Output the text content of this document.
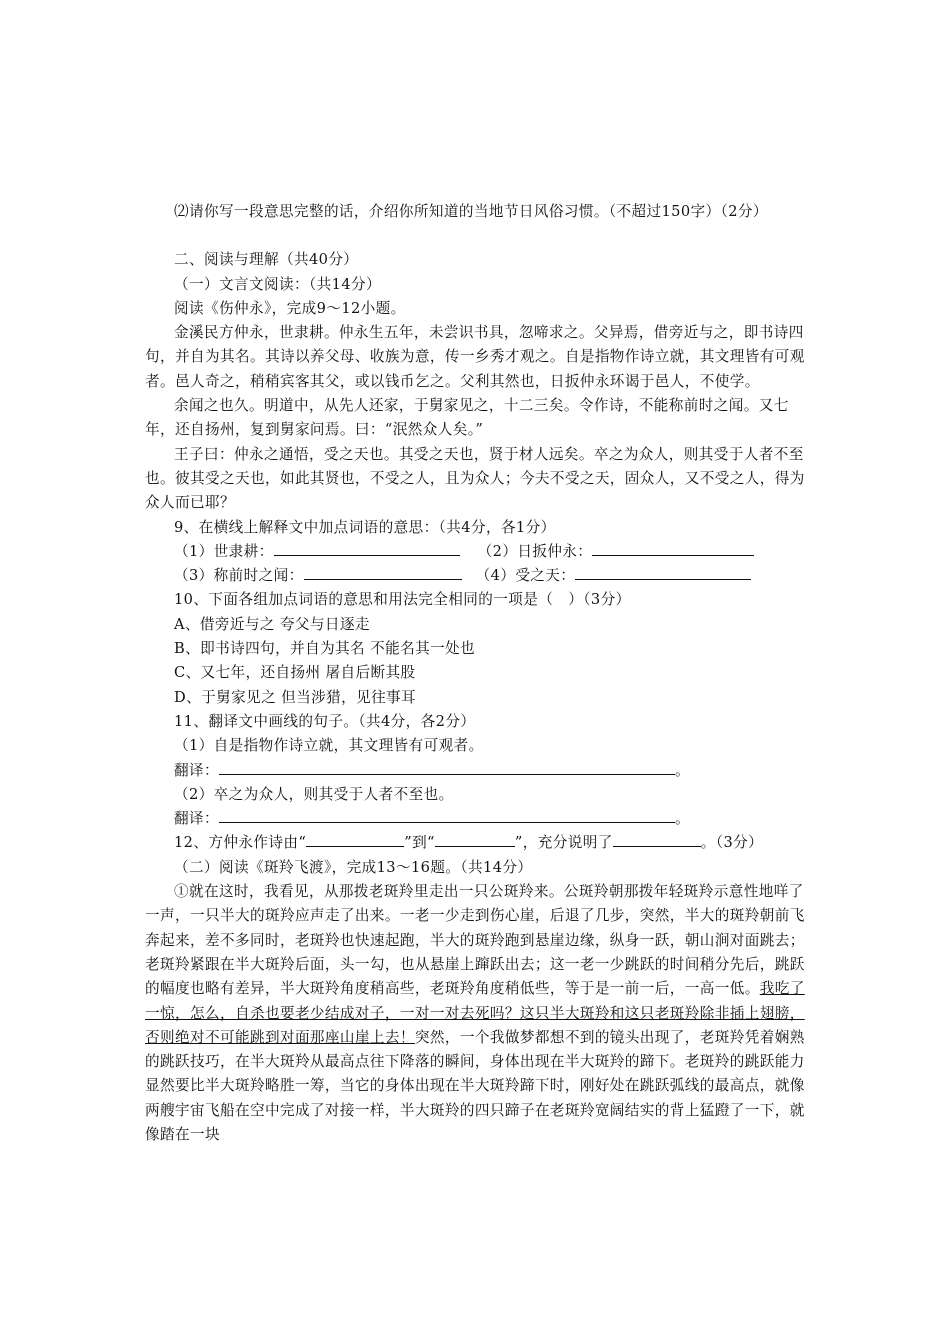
⑵请你写一段意思完整的话，介绍你所知道的当地节日风俗习惯。（不超过150字）（2分）

二、阅读与理解（共40分）

（一）文言文阅读：（共14分）

阅读《伤仲永》，完成9～12小题。

金溪民方仲永，世隶耕。仲永生五年，未尝识书具，忽啼求之。父异焉，借旁近与之，即书诗四句，并自为其名。其诗以养父母、收族为意，传一乡秀才观之。自是指物作诗立就，其文理皆有可观者。邑人奇之，稍稍宾客其父，或以钱币乞之。父利其然也，日扳仲永环谒于邑人，不使学。

余闻之也久。明道中，从先人还家，于舅家见之，十二三矣。令作诗，不能称前时之闻。又七年，还自扬州，复到舅家问焉。曰：“泯然众人矣。”

王子曰：仲永之通悟，受之天也。其受之天也，贤于材人远矣。卒之为众人，则其受于人者不至也。彼其受之天也，如此其贤也，不受之人，且为众人；今夫不受之天，固众人，又不受之人，得为众人而已耶？

9、在横线上解释文中加点词语的意思：（共4分，各1分）

（1）世隶耕：	（2）日扳仲永：
（3）称前时之闻：	（4）受之天：

10、下面各组加点词语的意思和用法完全相同的一项是（　）（3分）

A、借旁近与之 夸父与日逐走

B、即书诗四句，并自为其名 不能名其一处也

C、又七年，还自扬州 屠自后断其股

D、于舅家见之 但当涉猎，见往事耳

11、翻译文中画线的句子。（共4分，各2分）

（1）自是指物作诗立就，其文理皆有可观者。

翻译：	。

（2）卒之为众人，则其受于人者不至也。

翻译：	。
12、方仲永作诗由“	”到“	”，充分说明了	。（3分）

（二）阅读《斑羚飞渡》，完成13～16题。（共14分）

①就在这时，我看见，从那拨老斑羚里走出一只公斑羚来。公斑羚朝那拨年轻斑羚示意性地咩了一声，一只半大的斑羚应声走了出来。一老一少走到伤心崖，后退了几步，突然，半大的斑羚朝前飞奔起来，差不多同时，老斑羚也快速起跑，半大的斑羚跑到悬崖边缘，纵身一跃，朝山涧对面跳去；老斑羚紧跟在半大斑羚后面，头一勾，也从悬崖上蹿跃出去；这一老一少跳跃的时间稍分先后，跳跃的幅度也略有差异，半大斑羚角度稍高些，老斑羚角度稍低些，等于是一前一后，一高一低。我吃了一惊，怎么，自杀也要老少结成对子，一对一对去死吗？这只半大斑羚和这只老斑羚除非插上翅膀，否则绝对不可能跳到对面那座山崖上去！突然，一个我做梦都想不到的镜头出现了，老斑羚凭着娴熟的跳跃技巧，在半大斑羚从最高点往下降落的瞬间，身体出现在半大斑羚的蹄下。老斑羚的跳跃能力显然要比半大斑羚略胜一筹，当它的身体出现在半大斑羚蹄下时，刚好处在跳跃弧线的最高点，就像两艘宇宙飞船在空中完成了对接一样，半大斑羚的四只蹄子在老斑羚宽阔结实的背上猛蹬了一下，就像踏在一块
